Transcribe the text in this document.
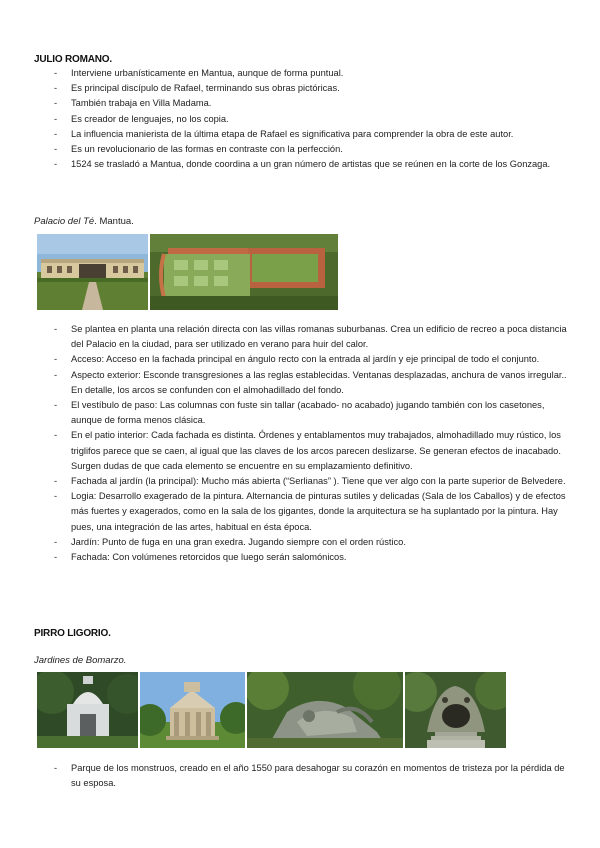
JULIO ROMANO.
- Interviene urbanísticamente en Mantua, aunque de forma puntual.
- Es principal discípulo de Rafael, terminando sus obras pictóricas.
- También trabaja en Villa Madama.
- Es creador de lenguajes, no los copia.
- La influencia manierista de la última etapa de Rafael es significativa para comprender la obra de este autor.
- Es un revolucionario de las formas en contraste con la perfección.
- 1524 se trasladó a Mantua, donde coordina a un gran número de artistas que se reúnen en la corte de los Gonzaga.
Palacio del Té. Mantua.
- Se plantea en planta una relación directa con las villas romanas suburbanas. Crea un edificio de recreo a poca distancia del Palacio en la ciudad, para ser utilizado en verano para huir del calor.
- Acceso: Acceso en la fachada principal en ángulo recto con la entrada al jardín y eje principal de todo el conjunto.
- Aspecto exterior: Esconde transgresiones a las reglas establecidas. Ventanas desplazadas, anchura de vanos irregular.. En detalle, los arcos se confunden con el almohadillado del fondo.
- El vestíbulo de paso: Las columnas con fuste sin tallar (acabado- no acabado) jugando también con los casetones, aunque de forma menos clásica.
- En el patio interior: Cada fachada es distinta. Órdenes y entablamentos muy trabajados, almohadillado muy rústico, los triglifos parece que se caen, al igual que las claves de los arcos parecen deslizarse. Se generan efectos de inacabado. Surgen dudas de que cada elemento se encuentre en su emplazamiento definitivo.
- Fachada al jardín (la principal): Mucho más abierta (“Serlianas” ). Tiene que ver algo con la parte superior de Belvedere.
- Logia: Desarrollo exagerado de la pintura. Alternancia de pinturas sutiles y delicadas (Sala de los Caballos) y de efectos más fuertes y exagerados, como en la sala de los gigantes, donde la arquitectura se ha suplantado por la pintura. Hay pues, una integración de las artes, habitual en ésta época.
- Jardín: Punto de fuga en una gran exedra. Jugando siempre con el orden rústico.
- Fachada: Con volúmenes retorcidos que luego serán salomónicos.
PIRRO LIGORIO.
Jardines de Bomarzo.
- Parque de los monstruos, creado en el año 1550 para desahogar su corazón en momentos de tristeza por la pérdida de su esposa.
